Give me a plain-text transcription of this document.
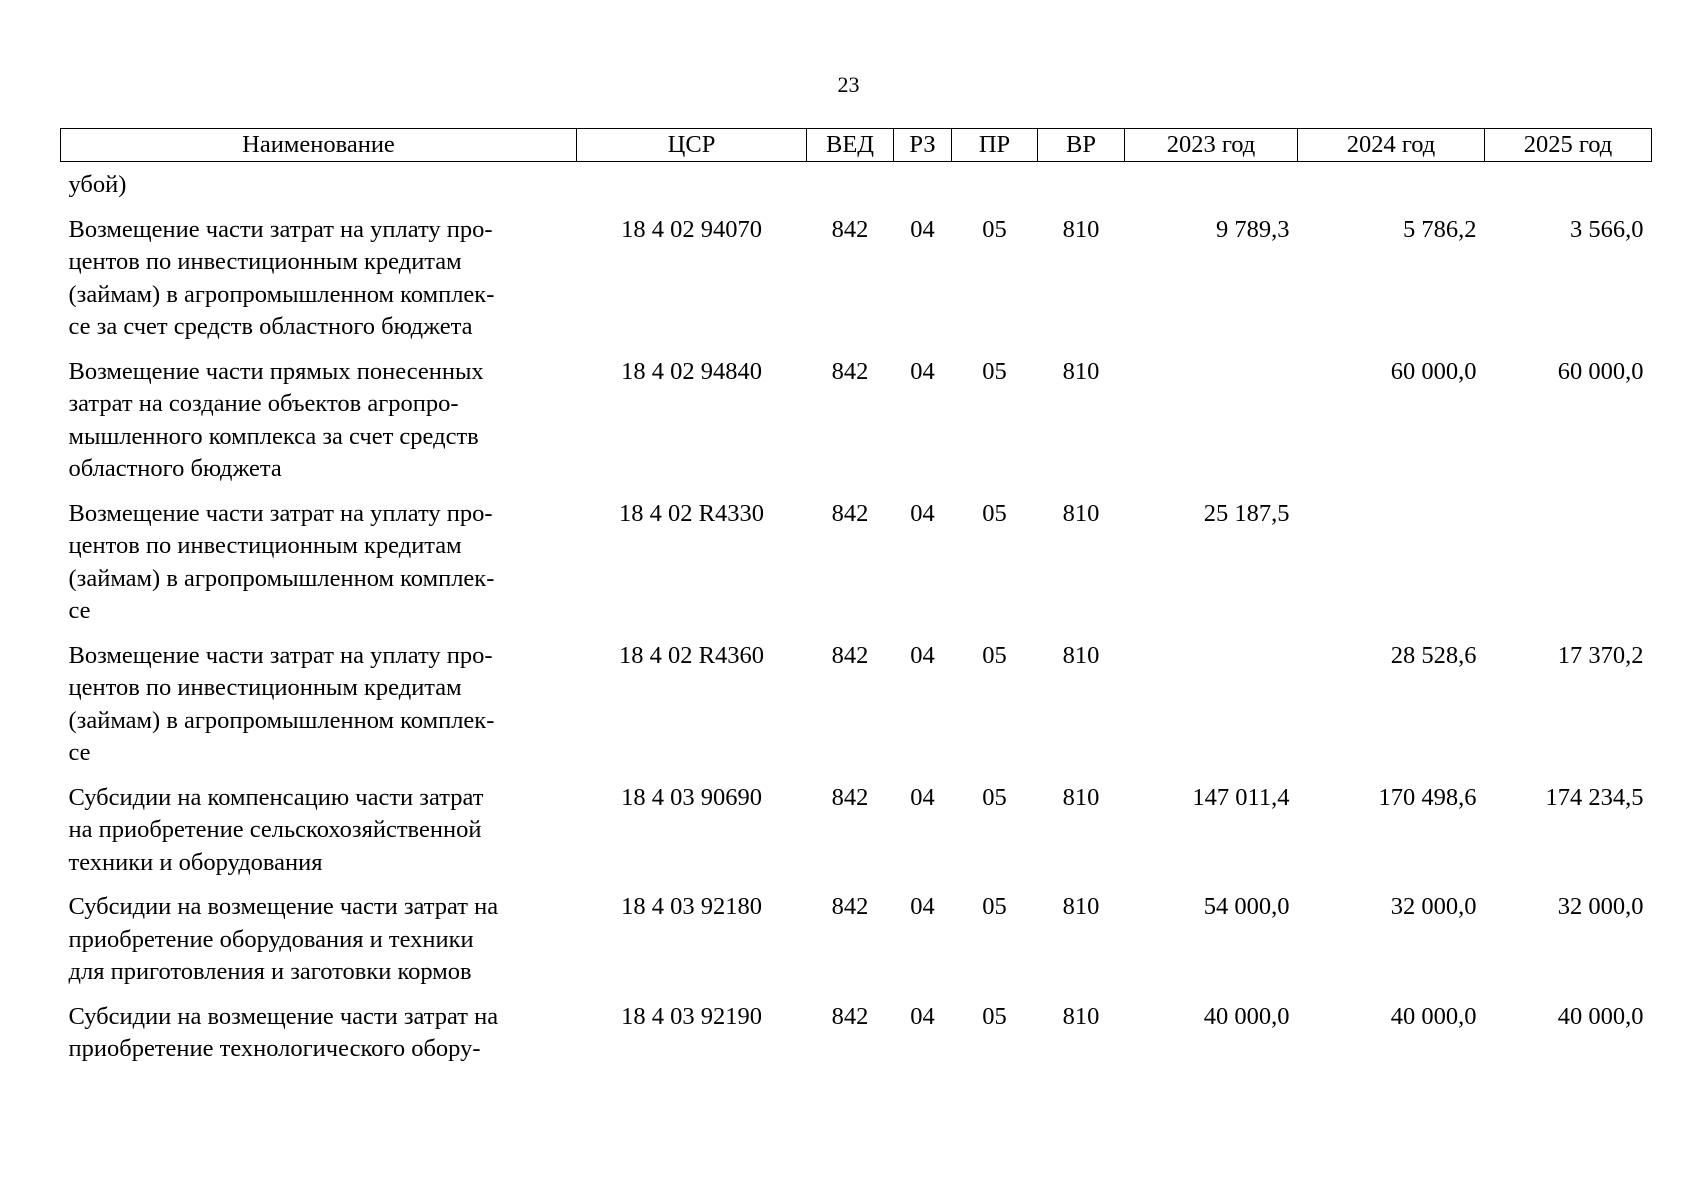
23
Наименование	ЦСР	ВЕД	РЗ	ПР	ВР	2023 год	2024 год	2025 год
убой)								

Возмещение части затрат на уплату про-
центов по инвестиционным кредитам
(займам) в агропромышленном комплек-
се за счет средств областного бюджета	18 4 02 94070	842	04	05	810	9 789,3	5 786,2	3 566,0

Возмещение части прямых понесенных
затрат на создание объектов агропро-
мышленного комплекса за счет средств
областного бюджета	18 4 02 94840	842	04	05	810		60 000,0	60 000,0

Возмещение части затрат на уплату про-
центов по инвестиционным кредитам
(займам) в агропромышленном комплек-
се	18 4 02 R4330	842	04	05	810	25 187,5		

Возмещение части затрат на уплату про-
центов по инвестиционным кредитам
(займам) в агропромышленном комплек-
се	18 4 02 R4360	842	04	05	810		28 528,6	17 370,2

Субсидии на компенсацию части затрат
на приобретение сельскохозяйственной
техники и оборудования	18 4 03 90690	842	04	05	810	147 011,4	170 498,6	174 234,5

Субсидии на возмещение части затрат на
приобретение оборудования и техники
для приготовления и заготовки кормов	18 4 03 92180	842	04	05	810	54 000,0	32 000,0	32 000,0

Субсидии на возмещение части затрат на
приобретение технологического обору-	18 4 03 92190	842	04	05	810	40 000,0	40 000,0	40 000,0
